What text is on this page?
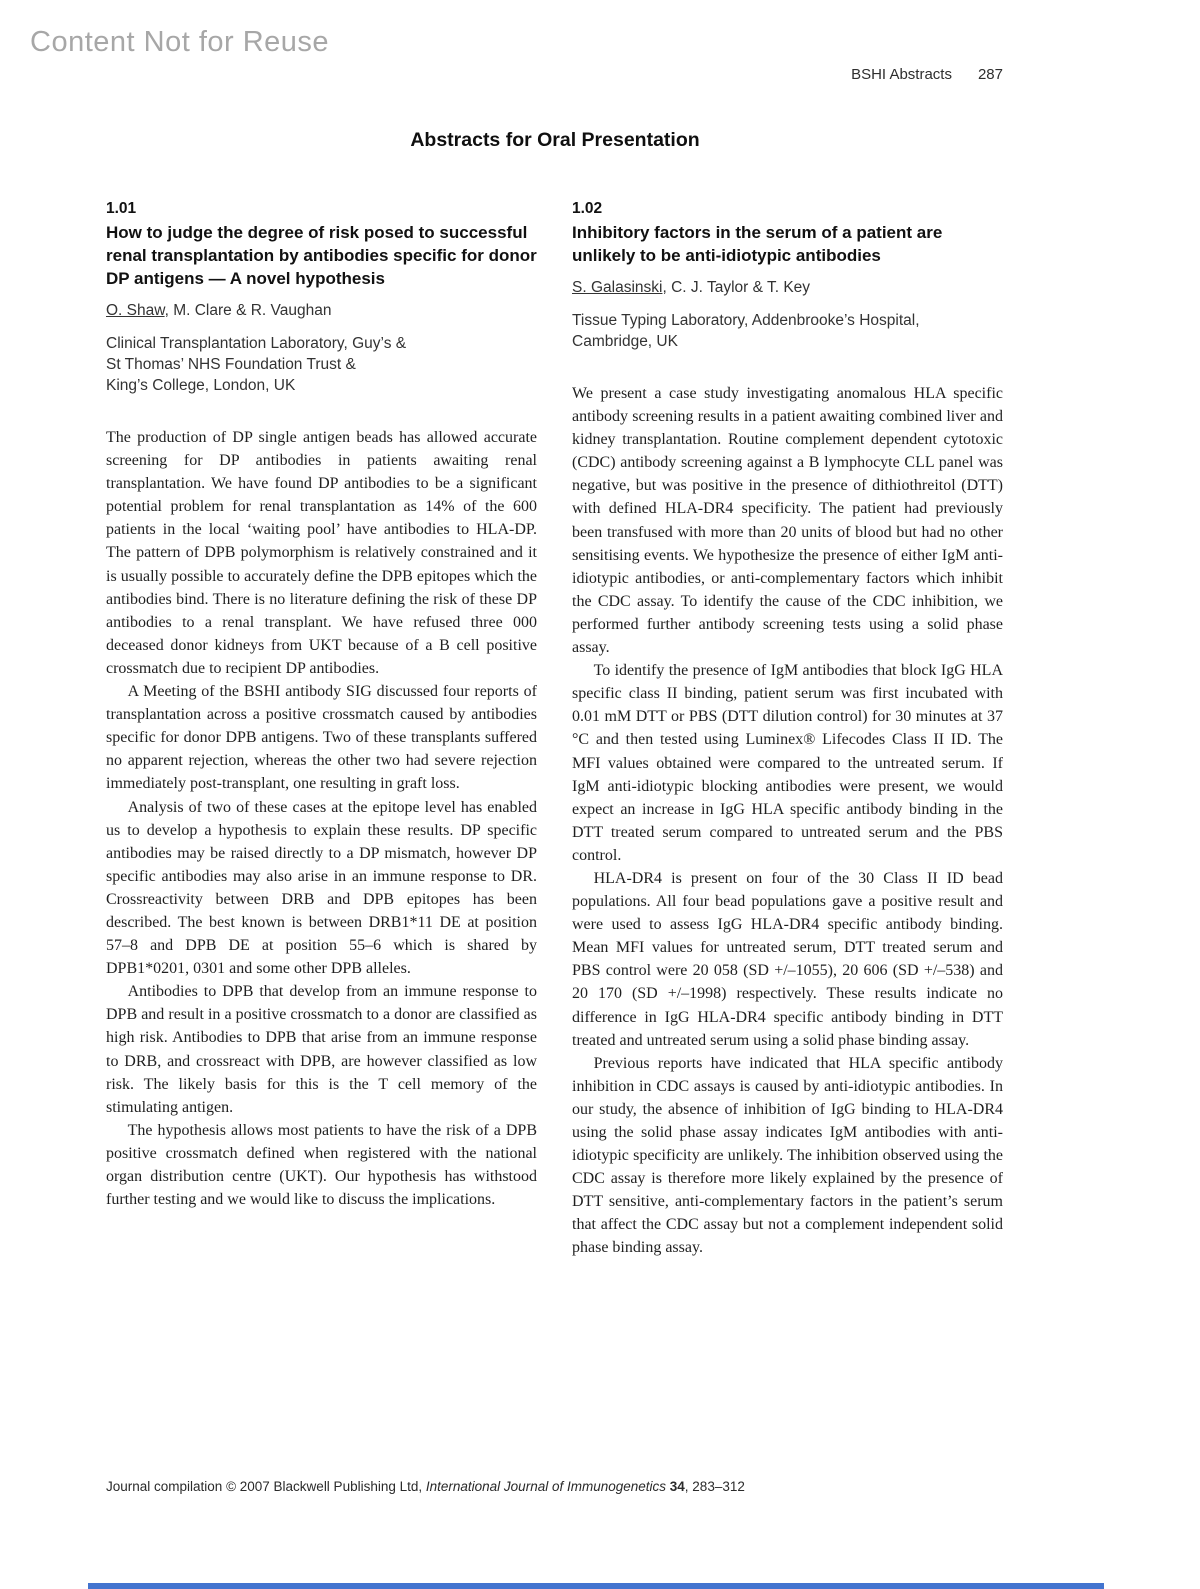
Content Not for Reuse
BSHI Abstracts 287
Abstracts for Oral Presentation
1.01
How to judge the degree of risk posed to successful renal transplantation by antibodies specific for donor DP antigens — A novel hypothesis
O. Shaw, M. Clare & R. Vaughan
Clinical Transplantation Laboratory, Guy’s &
St Thomas’ NHS Foundation Trust &
King’s College, London, UK

The production of DP single antigen beads has allowed accurate screening for DP antibodies in patients awaiting renal transplantation. We have found DP antibodies to be a significant potential problem for renal transplantation as 14% of the 600 patients in the local ‘waiting pool’ have antibodies to HLA-DP. The pattern of DPB polymorphism is relatively constrained and it is usually possible to accurately define the DPB epitopes which the antibodies bind. There is no literature defining the risk of these DP antibodies to a renal transplant. We have refused three 000 deceased donor kidneys from UKT because of a B cell positive crossmatch due to recipient DP antibodies.

A Meeting of the BSHI antibody SIG discussed four reports of transplantation across a positive crossmatch caused by antibodies specific for donor DPB antigens. Two of these transplants suffered no apparent rejection, whereas the other two had severe rejection immediately post-transplant, one resulting in graft loss.

Analysis of two of these cases at the epitope level has enabled us to develop a hypothesis to explain these results. DP specific antibodies may be raised directly to a DP mismatch, however DP specific antibodies may also arise in an immune response to DR. Crossreactivity between DRB and DPB epitopes has been described. The best known is between DRB1*11 DE at position 57–8 and DPB DE at position 55–6 which is shared by DPB1*0201, 0301 and some other DPB alleles.

Antibodies to DPB that develop from an immune response to DPB and result in a positive crossmatch to a donor are classified as high risk. Antibodies to DPB that arise from an immune response to DRB, and crossreact with DPB, are however classified as low risk. The likely basis for this is the T cell memory of the stimulating antigen.

The hypothesis allows most patients to have the risk of a DPB positive crossmatch defined when registered with the national organ distribution centre (UKT). Our hypothesis has withstood further testing and we would like to discuss the implications.

1.02
Inhibitory factors in the serum of a patient are unlikely to be anti-idiotypic antibodies
S. Galasinski, C. J. Taylor & T. Key
Tissue Typing Laboratory, Addenbrooke’s Hospital,
Cambridge, UK

We present a case study investigating anomalous HLA specific antibody screening results in a patient awaiting combined liver and kidney transplantation. Routine complement dependent cytotoxic (CDC) antibody screening against a B lymphocyte CLL panel was negative, but was positive in the presence of dithiothreitol (DTT) with defined HLA-DR4 specificity. The patient had previously been transfused with more than 20 units of blood but had no other sensitising events. We hypothesize the presence of either IgM anti-idiotypic antibodies, or anti-complementary factors which inhibit the CDC assay. To identify the cause of the CDC inhibition, we performed further antibody screening tests using a solid phase assay.

To identify the presence of IgM antibodies that block IgG HLA specific class II binding, patient serum was first incubated with 0.01 mM DTT or PBS (DTT dilution control) for 30 minutes at 37 °C and then tested using Luminex® Lifecodes Class II ID. The MFI values obtained were compared to the untreated serum. If IgM anti-idiotypic blocking antibodies were present, we would expect an increase in IgG HLA specific antibody binding in the DTT treated serum compared to untreated serum and the PBS control.

HLA-DR4 is present on four of the 30 Class II ID bead populations. All four bead populations gave a positive result and were used to assess IgG HLA-DR4 specific antibody binding. Mean MFI values for untreated serum, DTT treated serum and PBS control were 20 058 (SD +/–1055), 20 606 (SD +/–538) and 20 170 (SD +/–1998) respectively. These results indicate no difference in IgG HLA-DR4 specific antibody binding in DTT treated and untreated serum using a solid phase binding assay.

Previous reports have indicated that HLA specific antibody inhibition in CDC assays is caused by anti-idiotypic antibodies. In our study, the absence of inhibition of IgG binding to HLA-DR4 using the solid phase assay indicates IgM antibodies with anti-idiotypic specificity are unlikely. The inhibition observed using the CDC assay is therefore more likely explained by the presence of DTT sensitive, anti-complementary factors in the patient’s serum that affect the CDC assay but not a complement independent solid phase binding assay.

Journal compilation © 2007 Blackwell Publishing Ltd, International Journal of Immunogenetics 34, 283–312
